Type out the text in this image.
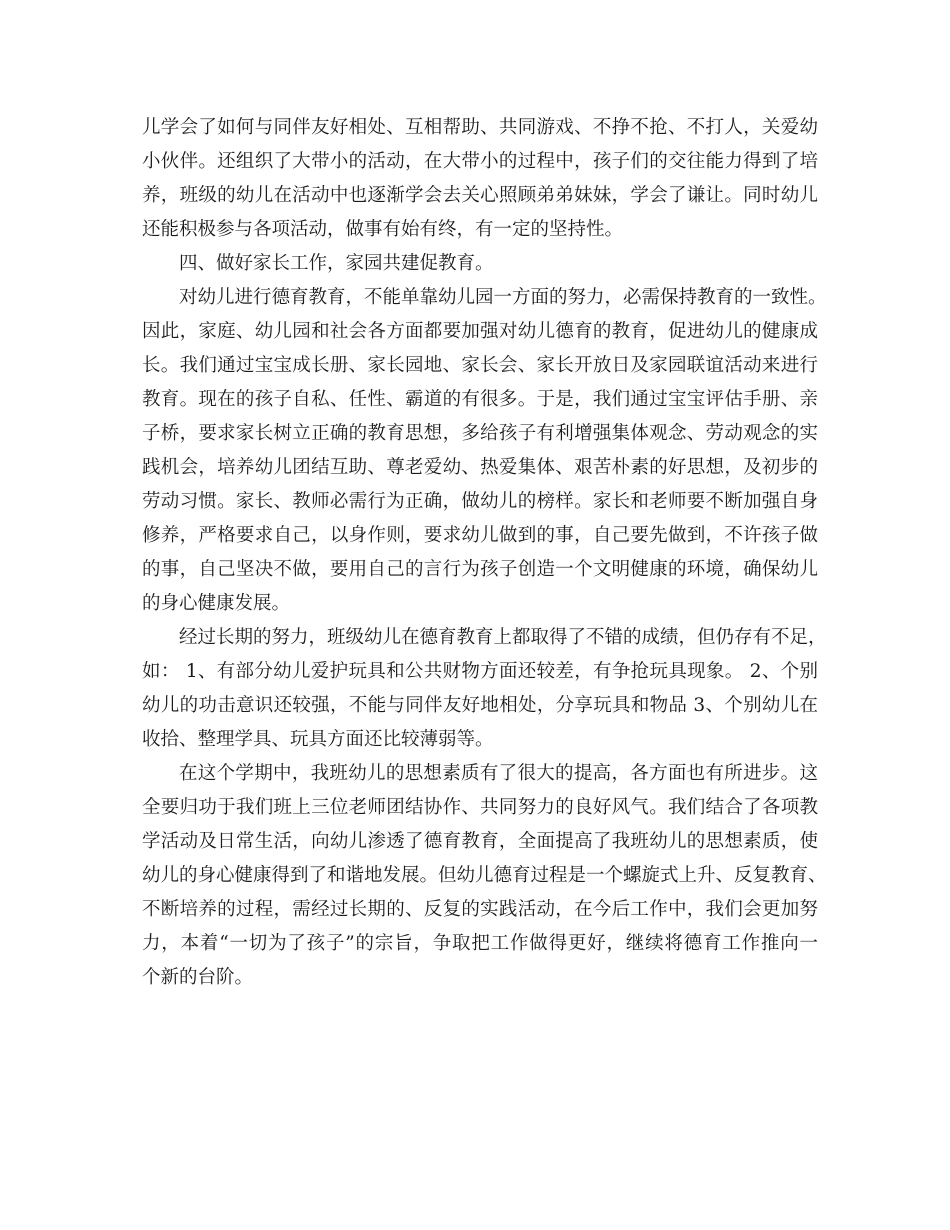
儿学会了如何与同伴友好相处、互相帮助、共同游戏、不挣不抢、不打人，关爱幼
小伙伴。还组织了大带小的活动，在大带小的过程中，孩子们的交往能力得到了培
养，班级的幼儿在活动中也逐渐学会去关心照顾弟弟妹妹，学会了谦让。同时幼儿
还能积极参与各项活动，做事有始有终，有一定的坚持性。
四、做好家长工作，家园共建促教育。
对幼儿进行德育教育，不能单靠幼儿园一方面的努力，必需保持教育的一致性。
因此，家庭、幼儿园和社会各方面都要加强对幼儿德育的教育，促进幼儿的健康成
长。我们通过宝宝成长册、家长园地、家长会、家长开放日及家园联谊活动来进行
教育。现在的孩子自私、任性、霸道的有很多。于是，我们通过宝宝评估手册、亲
子桥，要求家长树立正确的教育思想，多给孩子有利增强集体观念、劳动观念的实
践机会，培养幼儿团结互助、尊老爱幼、热爱集体、艰苦朴素的好思想，及初步的
劳动习惯。家长、教师必需行为正确，做幼儿的榜样。家长和老师要不断加强自身
修养，严格要求自己，以身作则，要求幼儿做到的事，自己要先做到，不许孩子做
的事，自己坚决不做，要用自己的言行为孩子创造一个文明健康的环境，确保幼儿
的身心健康发展。
经过长期的努力，班级幼儿在德育教育上都取得了不错的成绩，但仍存有不足，
如： 1、有部分幼儿爱护玩具和公共财物方面还较差，有争抢玩具现象。 2、个别
幼儿的功击意识还较强，不能与同伴友好地相处，分享玩具和物品 3、个别幼儿在
收拾、整理学具、玩具方面还比较薄弱等。
在这个学期中，我班幼儿的思想素质有了很大的提高，各方面也有所进步。这
全要归功于我们班上三位老师团结协作、共同努力的良好风气。我们结合了各项教
学活动及日常生活，向幼儿渗透了德育教育，全面提高了我班幼儿的思想素质，使
幼儿的身心健康得到了和谐地发展。但幼儿德育过程是一个螺旋式上升、反复教育、
不断培养的过程，需经过长期的、反复的实践活动，在今后工作中，我们会更加努
力，本着“一切为了孩子”的宗旨，争取把工作做得更好，继续将德育工作推向一
个新的台阶。
